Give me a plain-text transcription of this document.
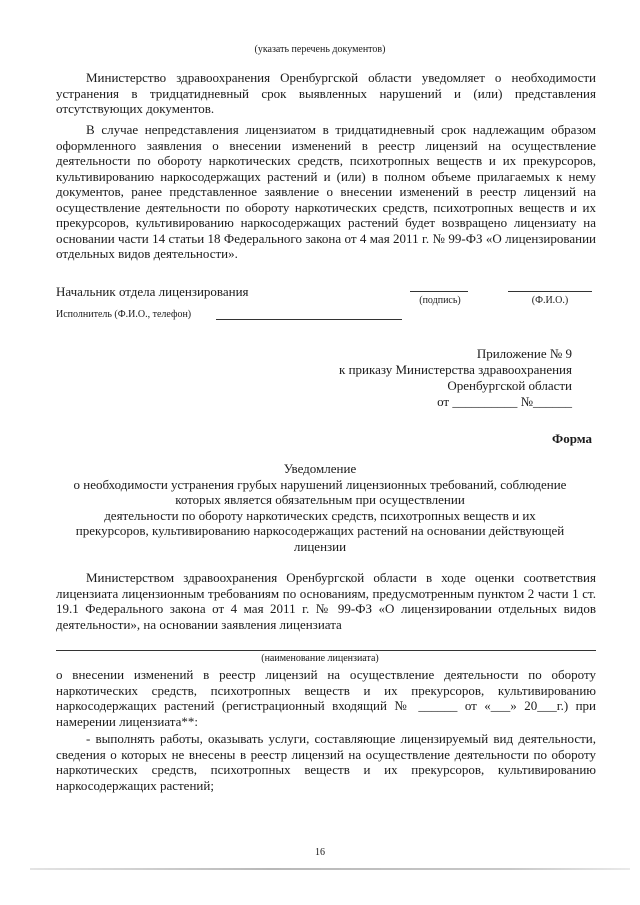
(указать перечень документов)
Министерство здравоохранения Оренбургской области уведомляет о необходимости устранения в тридцатидневный срок выявленных нарушений и (или) представления отсутствующих документов.
В случае непредставления лицензиатом в тридцатидневный срок надлежащим образом оформленного заявления о внесении изменений в реестр лицензий на осуществление деятельности по обороту наркотических средств, психотропных веществ и их прекурсоров, культивированию наркосодержащих растений и (или) в полном объеме прилагаемых к нему документов, ранее представленное заявление о внесении изменений в реестр лицензий на осуществление деятельности по обороту наркотических средств, психотропных веществ и их прекурсоров, культивированию наркосодержащих растений будет возвращено лицензиату на основании части 14 статьи 18 Федерального закона от 4 мая 2011 г. № 99-ФЗ «О лицензировании отдельных видов деятельности».
Начальник отдела лицензирования
(подпись)	(Ф.И.О.)
Исполнитель (Ф.И.О., телефон)
Приложение № 9
к приказу Министерства здравоохранения
Оренбургской области
от __________ №______
Форма
Уведомление
о необходимости устранения грубых нарушений лицензионных требований, соблюдение
которых является обязательным при осуществлении
деятельности по обороту наркотических средств, психотропных веществ и их
прекурсоров, культивированию наркосодержащих растений на основании действующей
лицензии
Министерством здравоохранения Оренбургской области в ходе оценки соответствия лицензиата лицензионным требованиям по основаниям, предусмотренным пунктом 2 части 1 ст. 19.1 Федерального закона от 4 мая 2011 г. № 99-ФЗ «О лицензировании отдельных видов деятельности», на основании заявления лицензиата
(наименование лицензиата)
о внесении изменений в реестр лицензий на осуществление деятельности по обороту наркотических средств, психотропных веществ и их прекурсоров, культивированию наркосодержащих растений (регистрационный входящий № ______ от «___» 20___г.) при намерении лицензиата**:
- выполнять работы, оказывать услуги, составляющие лицензируемый вид деятельности, сведения о которых не внесены в реестр лицензий на осуществление деятельности по обороту наркотических средств, психотропных веществ и их прекурсоров, культивированию наркосодержащих растений;
16
